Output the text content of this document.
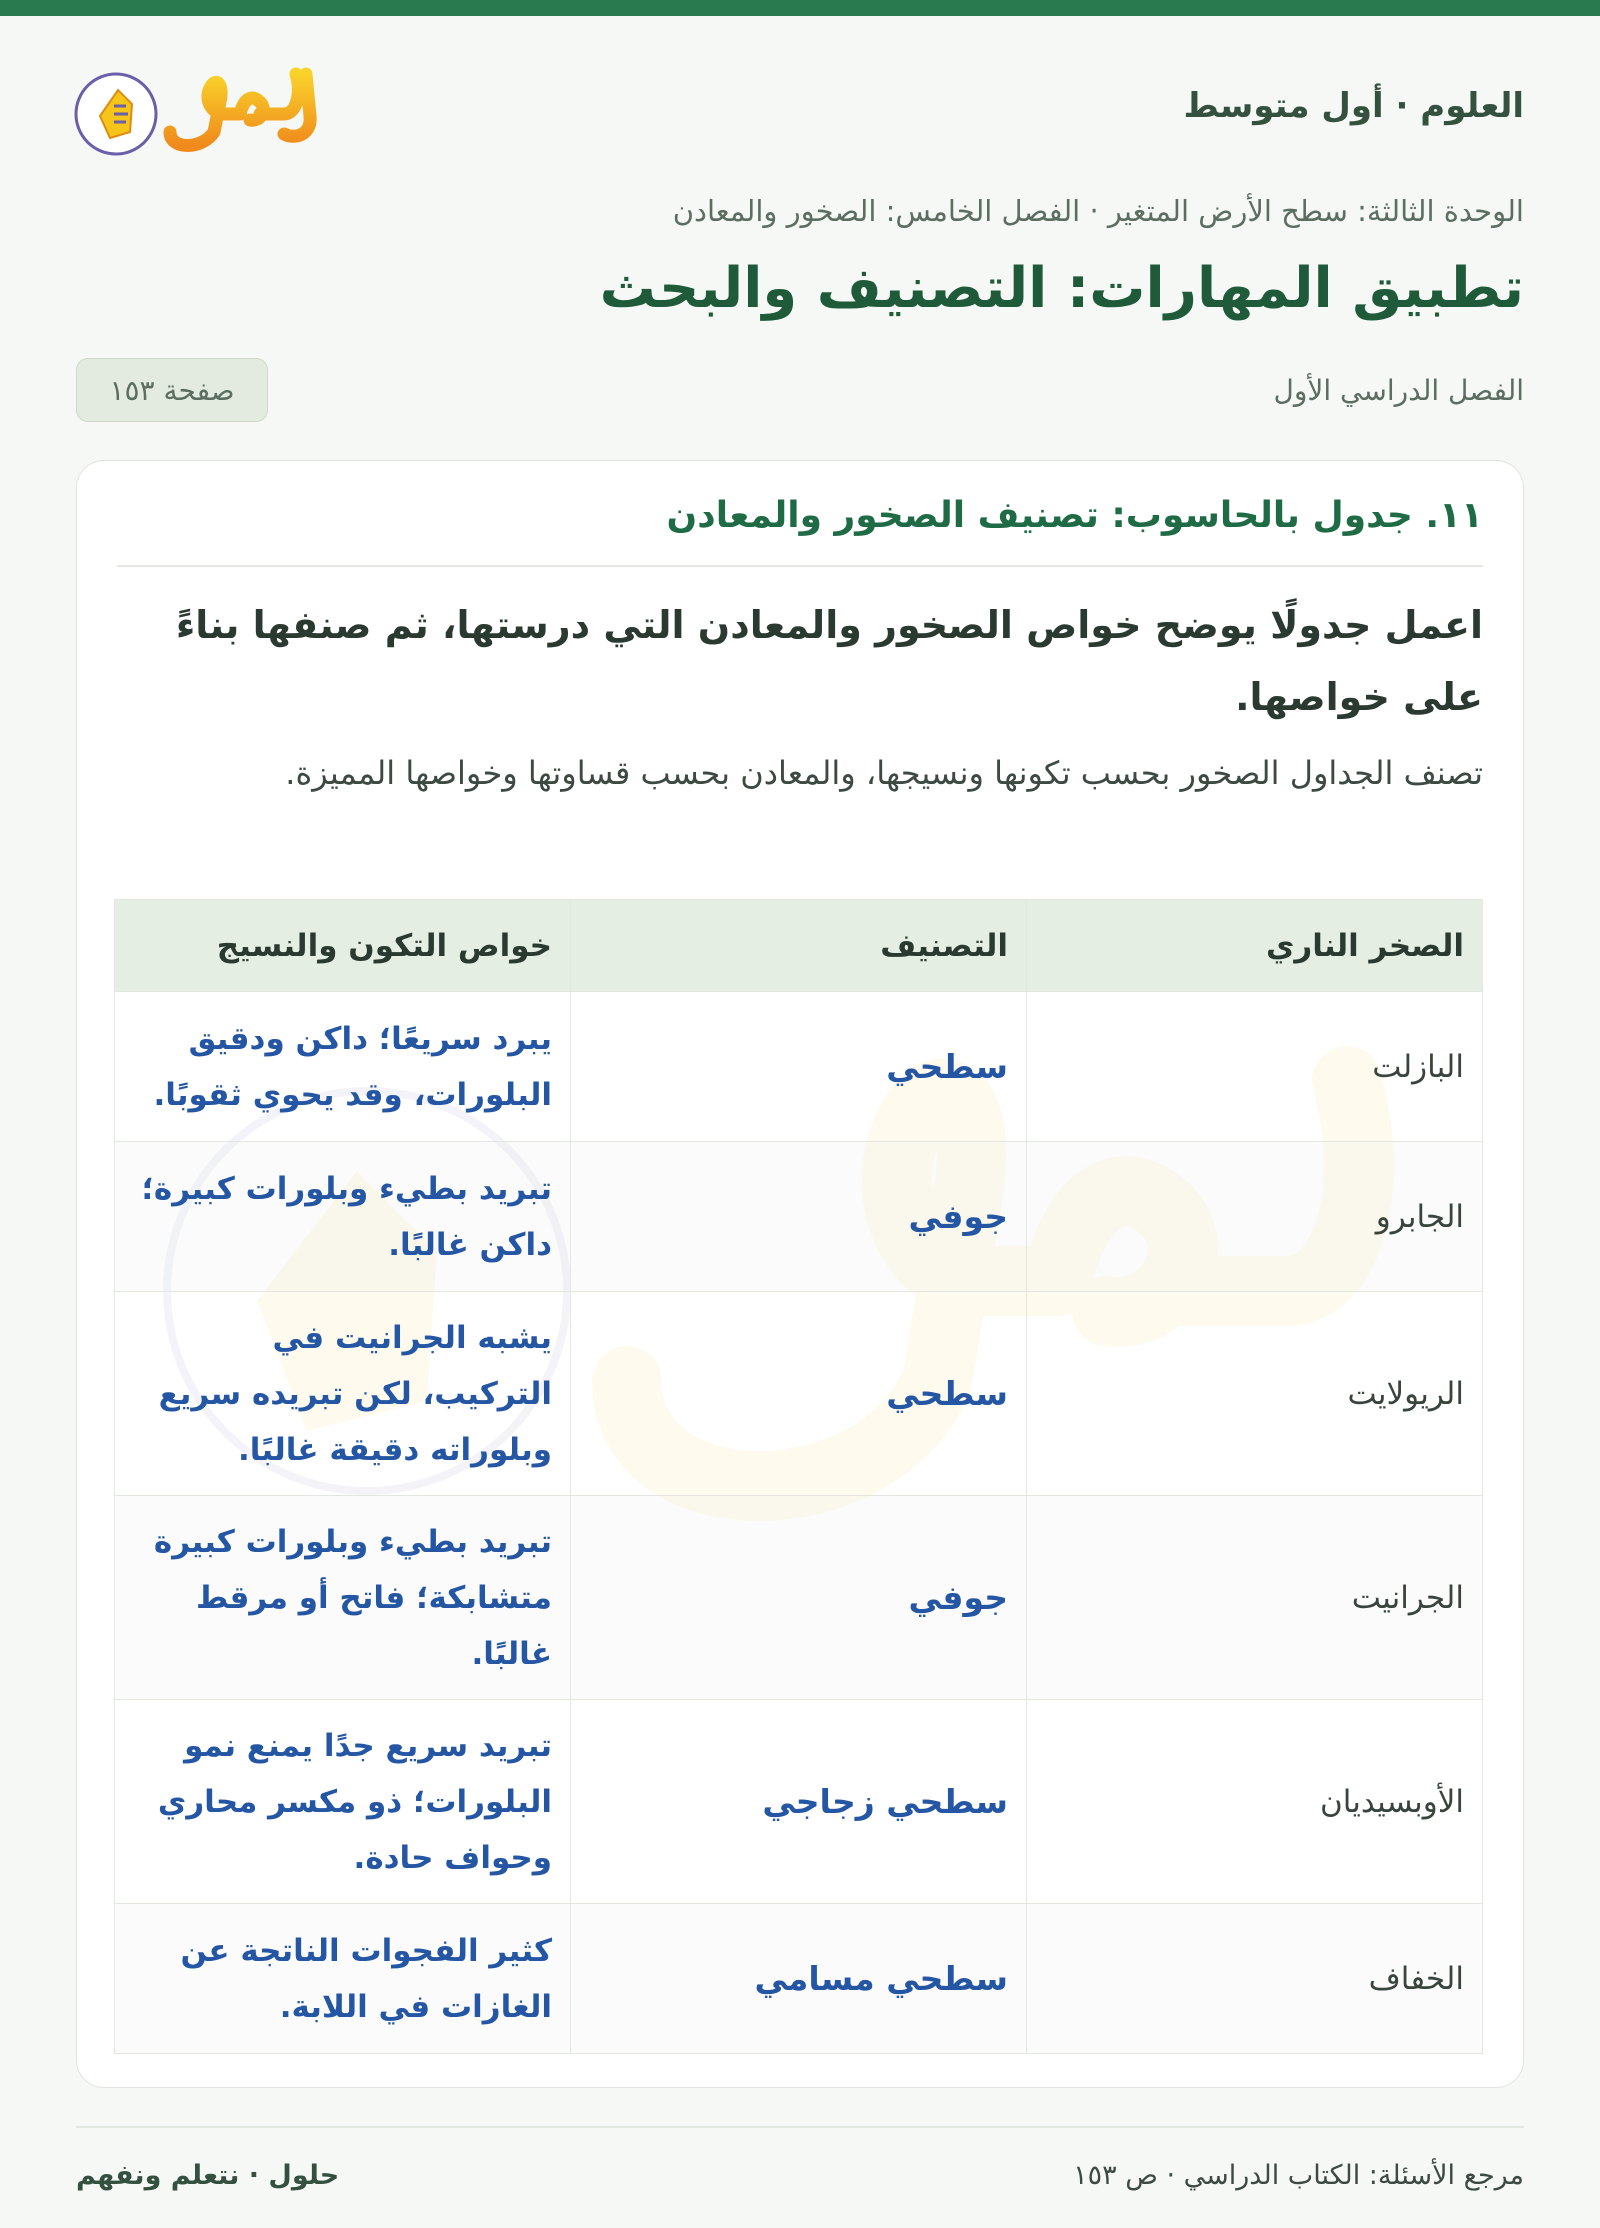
العلوم · أول متوسط
الوحدة الثالثة: سطح الأرض المتغير · الفصل الخامس: الصخور والمعادن
تطبيق المهارات: التصنيف والبحث
الفصل الدراسي الأول
صفحة ١٥٣
١١. جدول بالحاسوب: تصنيف الصخور والمعادن

اعمل جدولًا يوضح خواص الصخور والمعادن التي درستها، ثم صنفها بناءً على خواصها.

تصنف الجداول الصخور بحسب تكونها ونسيجها، والمعادن بحسب قساوتها وخواصها المميزة.

الصخر الناري	التصنيف	خواص التكون والنسيج
البازلت	سطحي	يبرد سريعًا؛ داكن ودقيق البلورات، وقد يحوي ثقوبًا.
الجابرو	جوفي	تبريد بطيء وبلورات كبيرة؛ داكن غالبًا.
الريولايت	سطحي	يشبه الجرانيت في التركيب، لكن تبريده سريع وبلوراته دقيقة غالبًا.
الجرانيت	جوفي	تبريد بطيء وبلورات كبيرة متشابكة؛ فاتح أو مرقط غالبًا.
الأوبسيديان	سطحي زجاجي	تبريد سريع جدًا يمنع نمو البلورات؛ ذو مكسر محاري وحواف حادة.
الخفاف	سطحي مسامي	كثير الفجوات الناتجة عن الغازات في اللابة.
مرجع الأسئلة: الكتاب الدراسي · ص ١٥٣
حلول · نتعلم ونفهم
